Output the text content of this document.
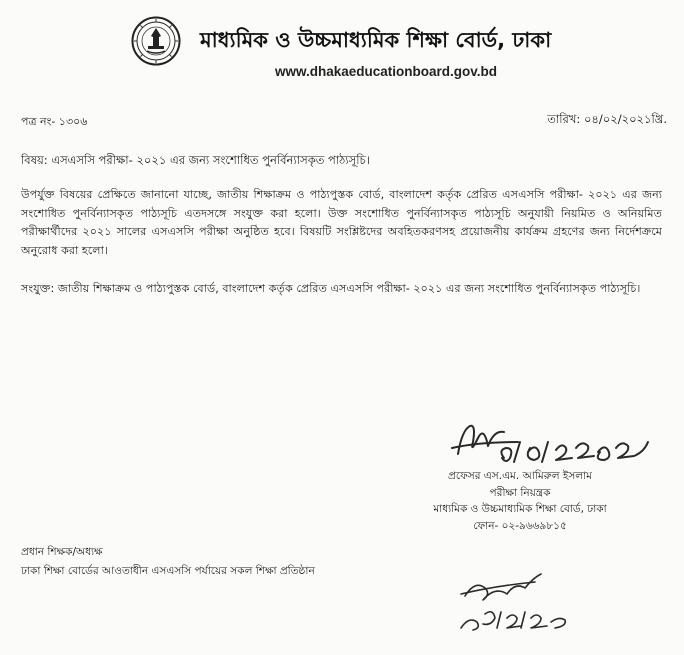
মাধ্যমিক ও উচ্চমাধ্যমিক শিক্ষা বোর্ড, ঢাকা
www.dhakaeducationboard.gov.bd
পত্র নং- ১৩০৬	তারিখ: ০৪/০২/২০২১খ্রি.
বিষয়: এসএসসি পরীক্ষা- ২০২১ এর জন্য সংশোধিত পুনর্বিন্যাসকৃত পাঠ্যসূচি।
উপর্যুক্ত বিষয়ের প্রেক্ষিতে জানানো যাচ্ছে, জাতীয় শিক্ষাক্রম ও পাঠ্যপুস্তক বোর্ড, বাংলাদেশ কর্তৃক প্রেরিত এসএসসি পরীক্ষা- ২০২১ এর জন্য সংশোধিত পুনর্বিন্যাসকৃত পাঠ্যসূচি এতদসঙ্গে সংযুক্ত করা হলো। উক্ত সংশোধিত পুনর্বিন্যাসকৃত পাঠ্যসূচি অনুযায়ী নিয়মিত ও অনিয়মিত পরীক্ষার্থীদের ২০২১ সালের এসএসসি পরীক্ষা অনুষ্ঠিত হবে। বিষয়টি সংশ্লিষ্টদের অবহিতকরণসহ প্রয়োজনীয় কার্যক্রম গ্রহণের জন্য নির্দেশক্রমে অনুরোধ করা হলো।
সংযুক্ত: জাতীয় শিক্ষাক্রম ও পাঠ্যপুস্তক বোর্ড, বাংলাদেশ কর্তৃক প্রেরিত এসএসসি পরীক্ষা- ২০২১ এর জন্য সংশোধিত পুনর্বিন্যাসকৃত পাঠ্যসূচি।
প্রফেসর এস.এম. আমিরুল ইসলাম
পরীক্ষা নিয়ন্ত্রক
মাধ্যমিক ও উচ্চমাধ্যমিক শিক্ষা বোর্ড, ঢাকা
ফোন- ০২-৯৬৬৯৮১৫
প্রধান শিক্ষক/অধ্যক্ষ
ঢাকা শিক্ষা বোর্ডের আওতাধীন এসএসসি পর্যায়ের সকল শিক্ষা প্রতিষ্ঠান
